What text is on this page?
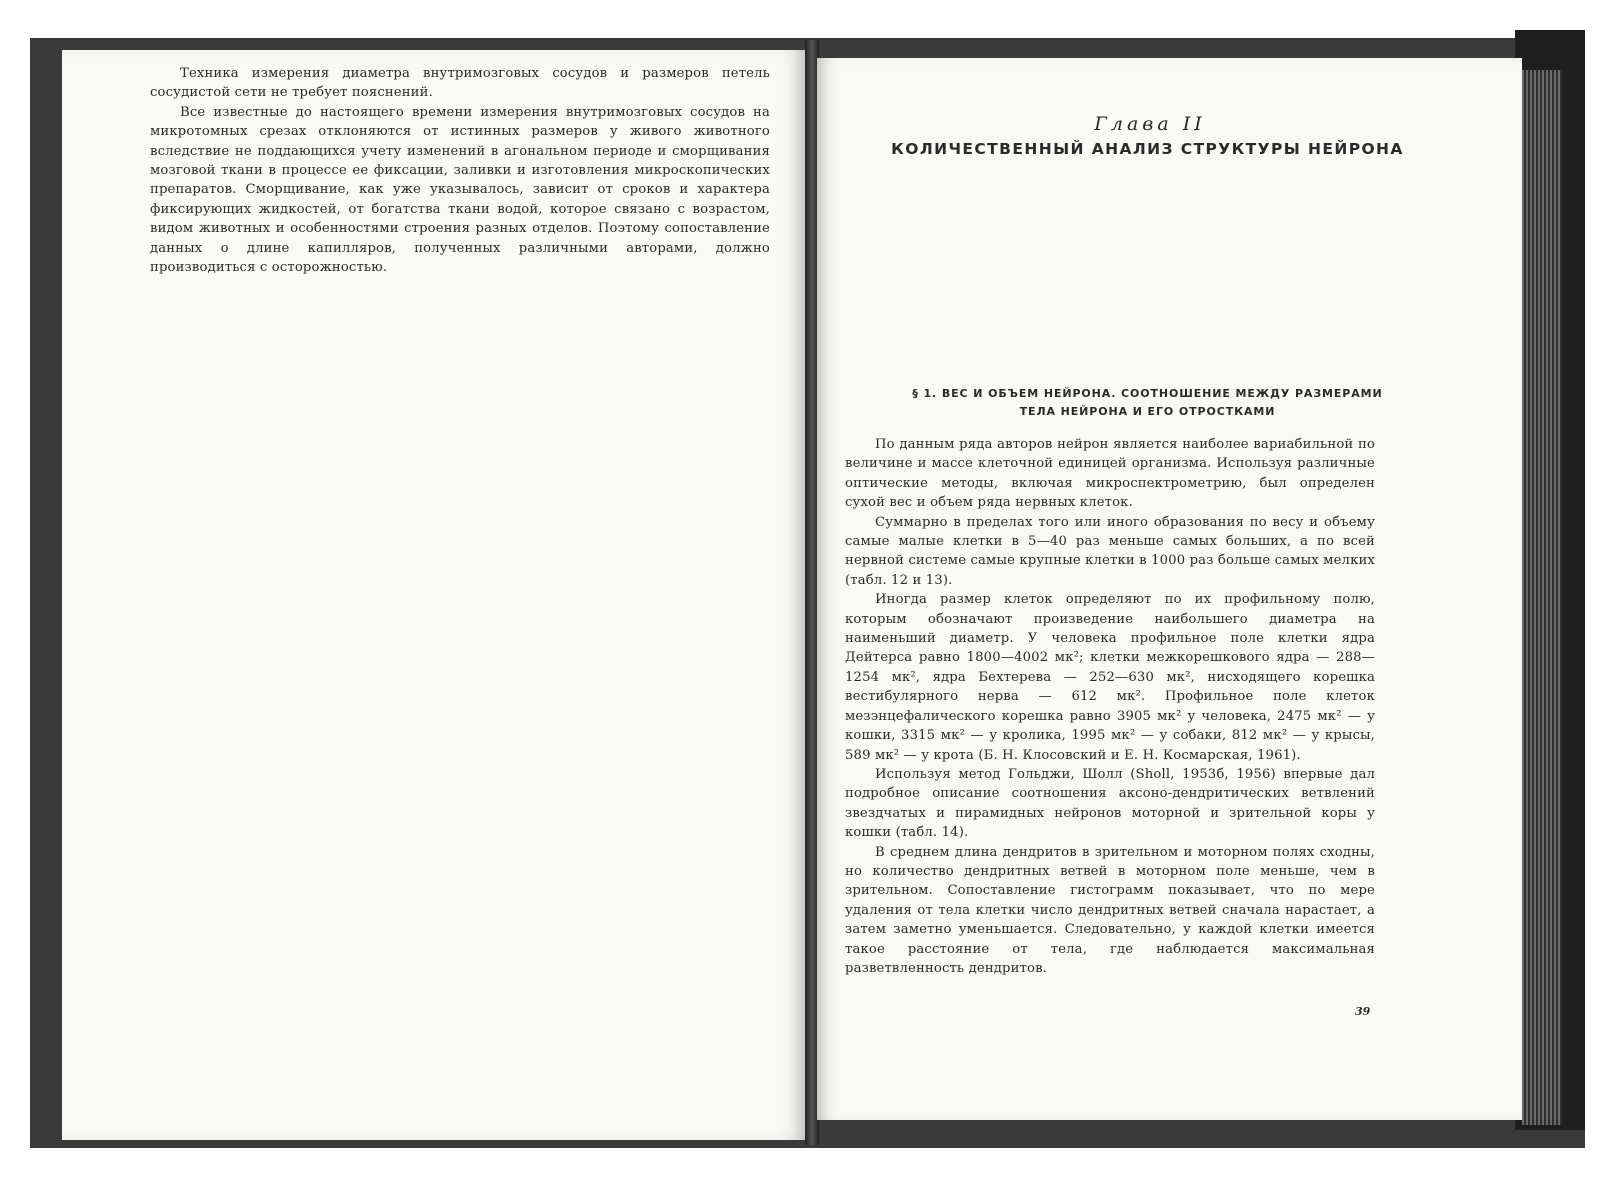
Техника измерения диаметра внутримозговых сосудов и размеров петель сосудистой сети не требует пояснений.

Все известные до настоящего времени измерения внутримозговых сосудов на микротомных срезах отклоняются от истинных размеров у живого животного вследствие не поддающихся учету изменений в агональном периоде и сморщивания мозговой ткани в процессе ее фиксации, заливки и изготовления микроскопических препаратов. Сморщивание, как уже указывалось, зависит от сроков и характера фиксирующих жидкостей, от богатства ткани водой, которое связано с возрастом, видом животных и особенностями строения разных отделов. Поэтому сопоставление данных о длине капилляров, полученных различными авторами, должно производиться с осторожностью.

Глава II
КОЛИЧЕСТВЕННЫЙ АНАЛИЗ СТРУКТУРЫ НЕЙРОНА
§ 1. ВЕС И ОБЪЕМ НЕЙРОНА. СООТНОШЕНИЕ МЕЖДУ РАЗМЕРАМИ
ТЕЛА НЕЙРОНА И ЕГО ОТРОСТКАМИ

По данным ряда авторов нейрон является наиболее вариабильной по величине и массе клеточной единицей организма. Используя различные оптические методы, включая микроспектрометрию, был определен сухой вес и объем ряда нервных клеток.

Суммарно в пределах того или иного образования по весу и объему самые малые клетки в 5—40 раз меньше самых больших, а по всей нервной системе самые крупные клетки в 1000 раз больше самых мелких (табл. 12 и 13).

Иногда размер клеток определяют по их профильному полю, которым обозначают произведение наибольшего диаметра на наименьший диаметр. У человека профильное поле клетки ядра Дейтерса равно 1800—4002 мк²; клетки межкорешкового ядра — 288—1254 мк², ядра Бехтерева — 252—630 мк², нисходящего корешка вестибулярного нерва — 612 мк². Профильное поле клеток мезэнцефалического корешка равно 3905 мк² у человека, 2475 мк² — у кошки, 3315 мк² — у кролика, 1995 мк² — у собаки, 812 мк² — у крысы, 589 мк² — у крота (Б. Н. Клосовский и Е. Н. Космарская, 1961).

Используя метод Гольджи, Шолл (Sholl, 1953б, 1956) впервые дал подробное описание соотношения аксоно-дендритических ветвлений звездчатых и пирамидных нейронов моторной и зрительной коры у кошки (табл. 14).

В среднем длина дендритов в зрительном и моторном полях сходны, но количество дендритных ветвей в моторном поле меньше, чем в зрительном. Сопоставление гистограмм показывает, что по мере удаления от тела клетки число дендритных ветвей сначала нарастает, а затем заметно уменьшается. Следовательно, у каждой клетки имеется такое расстояние от тела, где наблюдается максимальная разветвленность дендритов.

39
